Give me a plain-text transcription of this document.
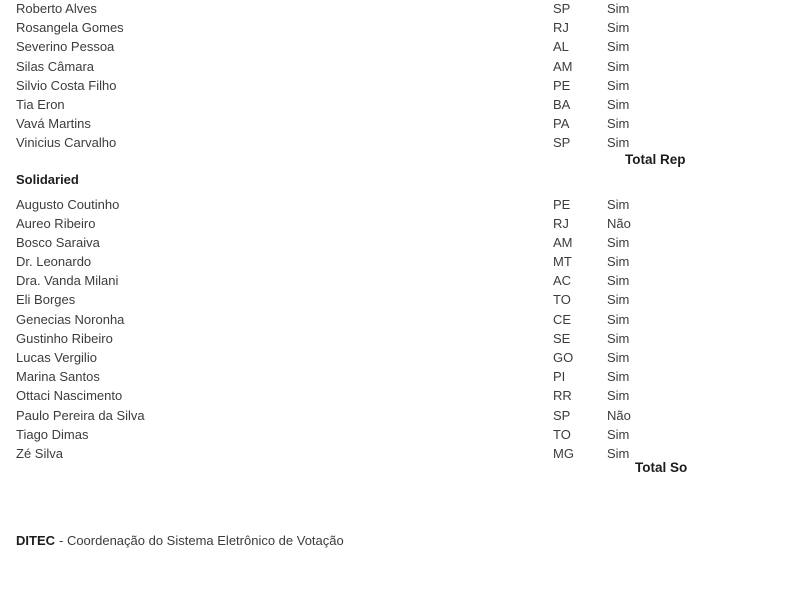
Roberto Alves	SP	Sim
Rosangela Gomes	RJ	Sim
Severino Pessoa	AL	Sim
Silas Câmara	AM	Sim
Silvio Costa Filho	PE	Sim
Tia Eron	BA	Sim
Vavá Martins	PA	Sim
Vinicius Carvalho	SP	Sim
Total Rep
Solidaried
Augusto Coutinho	PE	Sim
Aureo Ribeiro	RJ	Não
Bosco Saraiva	AM	Sim
Dr. Leonardo	MT	Sim
Dra. Vanda Milani	AC	Sim
Eli Borges	TO	Sim
Genecias Noronha	CE	Sim
Gustinho Ribeiro	SE	Sim
Lucas Vergilio	GO	Sim
Marina Santos	PI	Sim
Ottaci Nascimento	RR	Sim
Paulo Pereira da Silva	SP	Não
Tiago Dimas	TO	Sim
Zé Silva	MG	Sim
Total So
DITEC - Coordenação do Sistema Eletrônico de Votação
